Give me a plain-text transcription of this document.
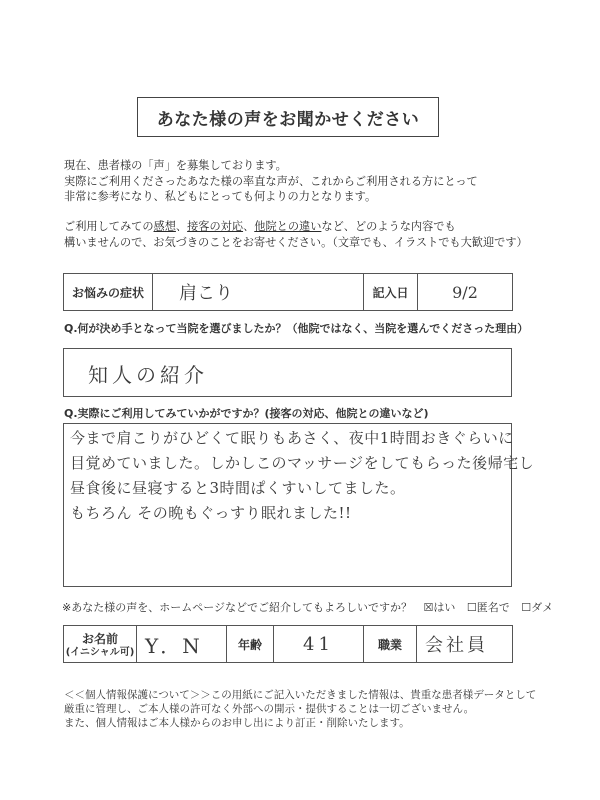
あなた様の声をお聞かせください
現在、患者様の「声」を募集しております。
実際にご利用くださったあなた様の率直な声が、これからご利用される方にとって
非常に参考になり、私どもにとっても何よりの力となります。
ご利用してみての感想、接客の対応、他院との違いなど、どのような内容でも
構いませんので、お気づきのことをお寄せください。（文章でも、イラストでも大歓迎です）
お悩みの症状	肩こり	記入日	9/2
Q.何が決め手となって当院を選びましたか？（他院ではなく、当院を選んでくださった理由）
知人の紹介
Q.実際にご利用してみていかがですか？(接客の対応、他院との違いなど)
今まで肩こりがひどくて眠りもあさく、夜中1時間おきぐらいに
目覚めていました。しかしこのマッサージをしてもらった後帰宅し
昼食後に昼寝すると3時間ぱくすいしてました。
もちろん その晩もぐっすり眠れました!!
※あなた様の声を、ホームページなどでご紹介してもよろしいですか？ ☒はい ☐匿名で ☐ダメ
お名前
(イニシャル可)	Y．N	年齢	41	職業	会社員
＜＜個人情報保護について＞＞この用紙にご記入いただきました情報は、貴重な患者様データとして
厳重に管理し、ご本人様の許可なく外部への開示・提供することは一切ございません。
また、個人情報はご本人様からのお申し出により訂正・削除いたします。
